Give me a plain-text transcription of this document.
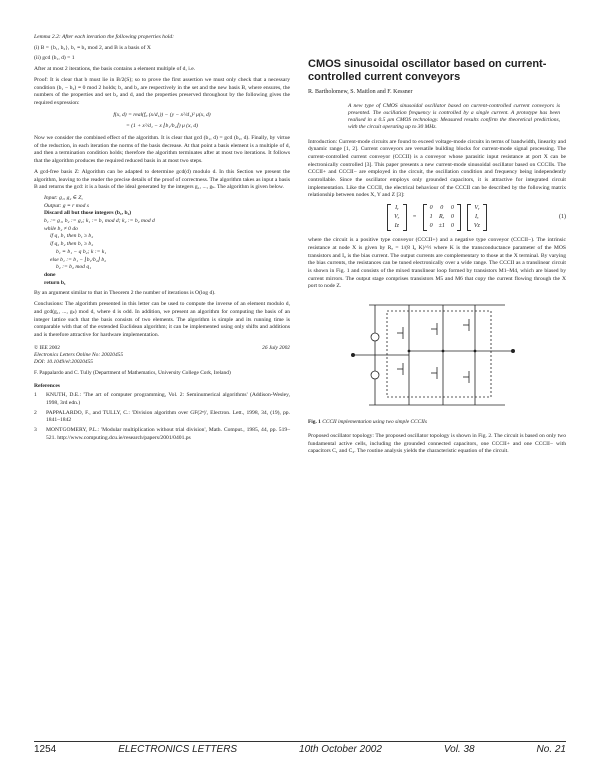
Lemma 2.2: After each iteration the following properties hold:

(i) B = {b₁, b₂}, b₁ ≡ b₂ mod 2, and B is a basis of X

(ii) gcd (b₁, d) = 1

After at most 2 iterations, the basis contains a element multiple of d, i.e.

Proof: It is clear that b must lie in B/2(S); so to prove the first assertion we must only check that a necessary condition (b₁ − b₂) ≡ 0 mod 2 holds; b₁ and b₂ are respectively in the set and the new basis B, where ensures, the numbers of the properties and set b₂ and d, and the properties preserved throughout by the following gives the required expression:

f(x, d) = real(f₀ (x/d₁)) − (y − x²/d₁)² μ(x, d)
= (1 + x²/d₁ − x ⌊b₁/b₂⌋) μ (x, d)

Now we consider the combined effect of the algorithm. It is clear that gcd (b₁, d) = gcd (b₂, d). Finally, by virtue of the reduction, in each iteration the norms of the basis decrease. At that point a basis element is a multiple of d, and then a termination condition holds; therefore the algorithm terminates after at most two iterations. It follows that the algorithm produces the required reduced basis in at most two steps.

A gcd-free basis Z: Algorithm can be adapted to determine gcd(d) modulo d. In this Section we present the algorithm, leaving to the reader the precise details of the proof of correctness. The algorithm takes as input a basis B and returns the gcd: it is a basis of the ideal generated by the integers g₁, ..., gₖ. The algorithm is given below.

Input: g₁, g₂ ∈ Z,
Output: g ≡ r mod s
Discard all but those integers (b₁, b₂)
b₁ := g₁, b₂ := g₂; k₁ := b₁ mod d; k₂ := b₂ mod d
while b₂ ≠ 0 do
if q₁ b₁ then b₁ ≥ b₂
if q₂ b₂ then b₁ ≥ b₂
b₁ ≡ b₁ − q b₂; k := k₁
else b₁ := b₁ − ⌊b₁/b₂⌋ b₂
b₂ := b₂ mod q₁
done
return b₁

By an argument similar to that in Theorem 2 the number of iterations is O(log d).

Conclusions: The algorithm presented in this letter can be used to compute the inverse of an element modulo d, and gcd(g₁, ..., gₖ) mod d, where d is odd. In addition, we present an algorithm for computing the basis of an integer lattice such that the basis consists of two elements. The algorithm is simple and its running time is comparable with that of the extended Euclidean algorithm; it can be implemented using only shifts and additions and is therefore attractive for hardware implementation.

© IEE 2002	26 July 2002
Electronics Letters Online No: 20020455
DOI: 10.1049/el:20020455
F. Pappalardo and C. Tully (Department of Mathematics, University College Cork, Ireland)
References
1	KNUTH, D.E.: 'The art of computer programming, Vol. 2: Seminumerical algorithms' (Addison-Wesley, 1998, 3rd edn.)
2	PAPPALARDO, F., and TULLY, C.: 'Division algorithm over GF(2ⁿ)', Electron. Lett., 1998, 34, (19), pp. 1841–1842
3	MONTGOMERY, P.L.: 'Modular multiplication without trial division', Math. Comput., 1985, 44, pp. 519–521. http://www.computing.dcu.ie/research/papers/2001/0401.ps
CMOS sinusoidal oscillator based on current-controlled current conveyors
R. Bartholomew, S. Maitlon and F. Kessner
A new type of CMOS sinusoidal oscillator based on current-controlled current conveyors is presented. The oscillation frequency is controlled by a single current. A prototype has been realised in a 0.5 μm CMOS technology. Measured results confirm the theoretical predictions, with the circuit operating up to 30 MHz.

Introduction: Current-mode circuits are found to exceed voltage-mode circuits in terms of bandwidth, linearity and dynamic range [1, 2]. Current conveyors are versatile building blocks for current-mode signal processing. The current-controlled current conveyor (CCCII) is a conveyor whose parasitic input resistance at port X can be electronically controlled [3]. This paper presents a new current-mode sinusoidal oscillator based on CCCIIs. The CCCII+ and CCCII− are employed in the circuit, the oscillation condition and frequency being independently controllable. Since the oscillator employs only grounded capacitors, it is attractive for integrated circuit implementation. Like the CCCII, the electrical behaviour of the CCCII can be described by the following matrix relationship between nodes X, Y and Z [3]:

Iᵧ
Vₓ
Iz
=
0 0 0
1 Rₓ 0
0 ±1 0
Vᵧ
Iₓ
Vz
(1)

where the circuit is a positive type conveyor (CCCII+) and a negative type conveyor (CCCII−). The intrinsic resistance at node X is given by Rₓ = 1/(8 I₀ K)^½ where K is the transconductance parameter of the MOS transistors and I₀ is the bias current. The output currents are complementary to those at the X terminal. By varying the bias currents, the resistances can be tuned electronically over a wide range. The CCCII as a translinear circuit is shown in Fig. 1 and consists of the mixed translinear loop formed by transistors M1–M4, which are biased by current mirrors. The output stage comprises transistors M5 and M6 that copy the current flowing through the X port to node Z.

Fig. 1 CCCII implementation using two simple CCCIIs

Proposed oscillator topology: The proposed oscillator topology is shown in Fig. 2. The circuit is based on only two fundamental active cells, including the grounded connected capacitors, one CCCII+ and one CCCII− with capacitors C₁ and C₂. The routine analysis yields the characteristic equation of the circuit.

1254	ELECTRONICS LETTERS	10th October 2002	Vol. 38	No. 21
